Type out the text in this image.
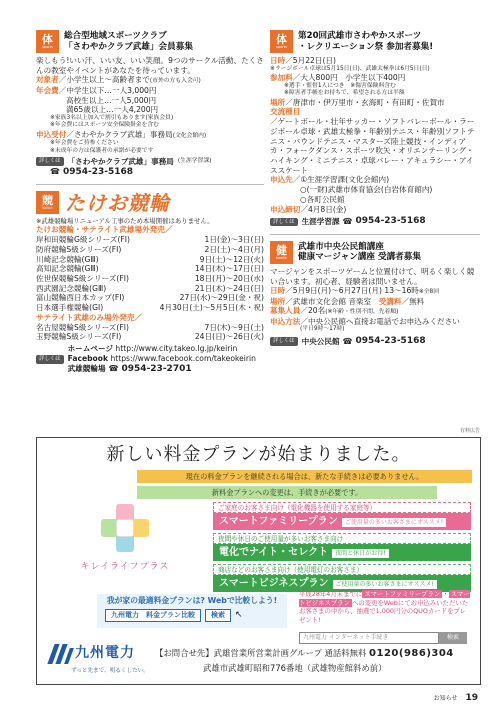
体
sports
総合型地域スポーツクラブ
「さわやかクラブ武雄」会員募集
楽しもう!いい汗、いい友、いい笑顔。9つのサークル活動、たくさんの教室やイベントがあなたを待っています。
対象者／小学生以上～高齢者まで(市外の方も入会可)
年会費／中学生以下…一人3,000円
高校生以上…一人5,000円
満65歳以上…一人4,200円
※家族3名以上加入で割引もあります(家族会員)
※年会費にはスポーツ安全保険掛金を含む
申込受付／さわやかクラブ武雄」事務局(文化会館内)
※年会費をご持参ください
※未成年の方は保護者の承諾が必要です
詳しくは 「さわやかクラブ武雄」事務局 (生涯学習課)
☎ 0954-23-5168
競
Keirin たけお競輪
※武雄競輪場リニューアル工事のため本場開催はありません。
たけお競輪・サテライト武雄場外発売／
岸和田競輪G級シリーズ(FⅠ)	1日(金)～3日(日)
防府競輪S級シリーズ(FⅠ)	2日(土)～4日(月)
川崎記念競輪(GⅢ)	9日(土)～12日(火)
高知記念競輪(GⅢ)	14日(木)～17日(日)
佐世保競輪S級シリーズ(FⅠ)	18日(月)～20日(水)
西武園記念競輪(GⅢ)	21日(木)～24日(日)
富山競輪西日本カップ(FⅠ)	27日(水)～29日(金・祝)
日本選手権競輪(GⅠ)	4月30日(土)～5月5日(木・祝)
サテライト武雄のみ場外発売／
名古屋競輪S級シリーズ(FⅠ)	7日(木)～9日(土)
玉野競輪S級シリーズ(FⅠ)	24日(日)～26日(火)
詳しくは
ホームページ http://www.city.takeo.lg.jp/keirin
Facebook https://www.facebook.com/takeokeirin
武雄競輪場 ☎ 0954-23-2701
体
sports
第20回武雄市さわやかスポーツ
・レクリエーション祭 参加者募集!
日時／5月22日(日)
※ラージボール卓球は5月15日(日)、武雄太極拳は6月5日(日)
参加料／大人800円　小学生以下400円
※選手・監督1人につき　※傷害保険料含む
※障害者手帳をお持ちで、希望される方は半額
場所／唐津市・伊万里市・玄海町・有田町・佐賀市
交流種目
／ゲートボール・壮年サッカー・ソフトバレーボール・ラージボール卓球・武雄太極拳・年齢別テニス・年齢別ソフトテニス・バウンドテニス・マスターズ陸上競技・インディアカ・フォークダンス・スポーツ吹矢・オリエンテーリング・ハイキング・ミニテニス・卓球バレー・アキュラシー・アイススケート
申込先／①生涯学習課(文化会館内)
○(一財)武雄市体育協会(白岩体育館内)
○各町公民館
申込締切／4月8日(金)
詳しくは 生涯学習課 ☎ 0954-23-5168
健
health
武雄市中央公民館講座
健康マージャン講座 受講者募集
マージャンをスポーツゲームと位置付けて、明るく楽しく競い合います。初心者、経験者は問いません。
日時／5月9日(月)～6月27日(月) 13～16時※全8回
場所／武雄市文化会館 音楽室　 受講料／無料
募集人員／20名(※年齢・性別不問、先着順)
申込方法／中央公民館へ直接お電話でお申込みください
(平日9時～17時)
詳しくは 中央公民館 ☎ 0954-23-5168
有料広告
新しい料金プランが始まりました。
現在の料金プランを継続される場合は、新たな手続きは必要ありません。
新料金プランへの変更は、手続きが必要です。
キレイライフプラス
ご家庭のお客さま向け（電化機器を使用する家庭等）
スマートファミリープラン ご使用量の多いお客さまにオススメ!
夜間や休日のご使用量が多いお客さま向け
電化でナイト・セレクト 夜間と休日がお得!
商店などのお客さま向け（使用電灯のお客さま）
スマートビジネスプラン ご使用量の多いお客さまにオススメ!
我が家の最適料金プランは? Webで比較しよう!
九州電力　料金プラン比較	検索	↖
平成28年4月末までに スマートファミリープラン ・ スマートビジネスプラン への変更をWebにてお申込みいただいたお客さまの中から、抽選で1,000円分のQUOカードをプレゼント!
九州電力 インターネット手続き	検索
九州電力
ずっと先まで、明るくしたい。
【お問合せ先】武雄営業所営業計画グループ 通話料無料 0120(986)304
武雄市武雄町昭和776番地（武雄物産館斜め前）
お知らせ 19
